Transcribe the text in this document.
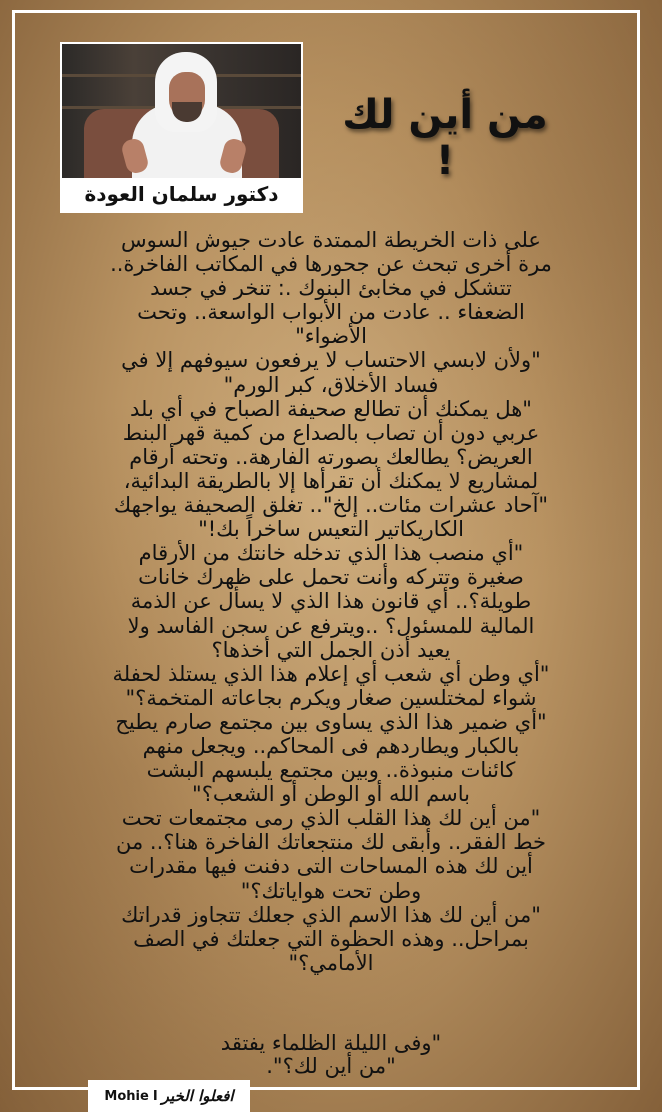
دكتور سلمان العودة
من أين لك !
على ذات الخريطة الممتدة عادت جيوش السوس
مرة أخرى تبحث عن جحورها في المكاتب الفاخرة..
تتشكل في مخابئ البنوك .: تنخر في جسد
الضعفاء .. عادت من الأبواب الواسعة.. وتحت
الأضواء"
"ولأن لابسي الاحتساب لا يرفعون سيوفهم إلا في
فساد الأخلاق، كبر الورم"
"هل يمكنك أن تطالع صحيفة الصباح في أي بلد
عربي دون أن تصاب بالصداع من كمية قهر البنط
العريض؟ يطالعك بصورته الفارهة.. وتحته أرقام
لمشاريع لا يمكنك أن تقرأها إلا بالطريقة البدائية،
"آحاد عشرات مئات.. إلخ".. تغلق الصحيفة يواجهك
الكاريكاتير التعيس ساخراً بك!"
"أي منصب هذا الذي تدخله خانتك من الأرقام
صغيرة وتتركه وأنت تحمل على ظهرك خانات
طويلة؟.. أي قانون هذا الذي لا يسأل عن الذمة
المالية للمسئول؟ ..ويترفع عن سجن الفاسد ولا
يعيد أذن الجمل التي أخذها؟
"أي وطن أي شعب أي إعلام هذا الذي يستلذ لحفلة
شواء لمختلسين صغار ويكرم بجاعاته المتخمة؟"
"أي ضمير هذا الذي يساوى بين مجتمع صارم يطيح
بالكبار ويطاردهم فى المحاكم.. ويجعل منهم
كائنات منبوذة.. وبين مجتمع يلبسهم البشت
باسم الله أو الوطن أو الشعب؟"
"من أين لك هذا القلب الذي رمى مجتمعات تحت
خط الفقر.. وأبقى لك منتجعاتك الفاخرة هنا؟.. من
أين لك هذه المساحات التى دفنت فيها مقدرات
وطن تحت هواياتك؟"
"من أين لك هذا الاسم الذي جعلك تتجاوز قدراتك
بمراحل.. وهذه الحظوة التي جعلتك في الصف
الأمامي؟"
"وفى الليلة الظلماء يفتقد
"من أين لك؟".
Mohie I افعلوا الخير
